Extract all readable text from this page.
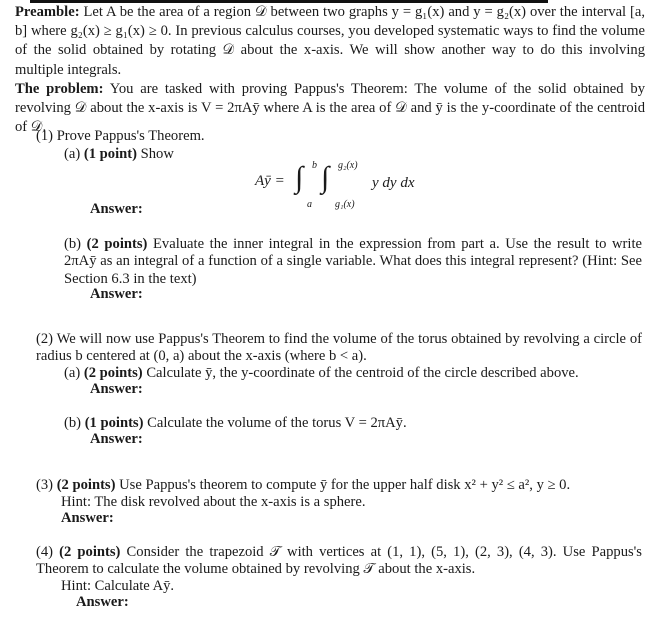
Preamble: Let A be the area of a region 𝒟 between two graphs y = g₁(x) and y = g₂(x) over the interval [a, b] where g₂(x) ≥ g₁(x) ≥ 0. In previous calculus courses, you developed systematic ways to find the volume of the solid obtained by rotating 𝒟 about the x-axis. We will show another way to do this involving multiple integrals.

The problem: You are tasked with proving Pappus's Theorem: The volume of the solid obtained by revolving 𝒟 about the x-axis is V = 2πAȳ where A is the area of 𝒟 and ȳ is the y-coordinate of the centroid of 𝒟.

(1) Prove Pappus's Theorem.
(a) (1 point) Show
Aȳ = ∫ b
a
∫ g₂(x)
g₁(x)
y dy dx
Answer:
(b) (2 points) Evaluate the inner integral in the expression from part a. Use the result to write 2πAȳ as an integral of a function of a single variable. What does this integral represent? (Hint: See Section 6.3 in the text)
Answer:
(2) We will now use Pappus's Theorem to find the volume of the torus obtained by revolving a circle of radius b centered at (0, a) about the x-axis (where b < a).
(a) (2 points) Calculate ȳ, the y-coordinate of the centroid of the circle described above.
Answer:
(b) (1 points) Calculate the volume of the torus V = 2πAȳ.
Answer:
(3) (2 points) Use Pappus's theorem to compute ȳ for the upper half disk x² + y² ≤ a², y ≥ 0.
Hint: The disk revolved about the x-axis is a sphere.
Answer:
(4) (2 points) Consider the trapezoid 𝒯 with vertices at (1, 1), (5, 1), (2, 3), (4, 3). Use Pappus's Theorem to calculate the volume obtained by revolving 𝒯 about the x-axis.
Hint: Calculate Aȳ.
Answer:
